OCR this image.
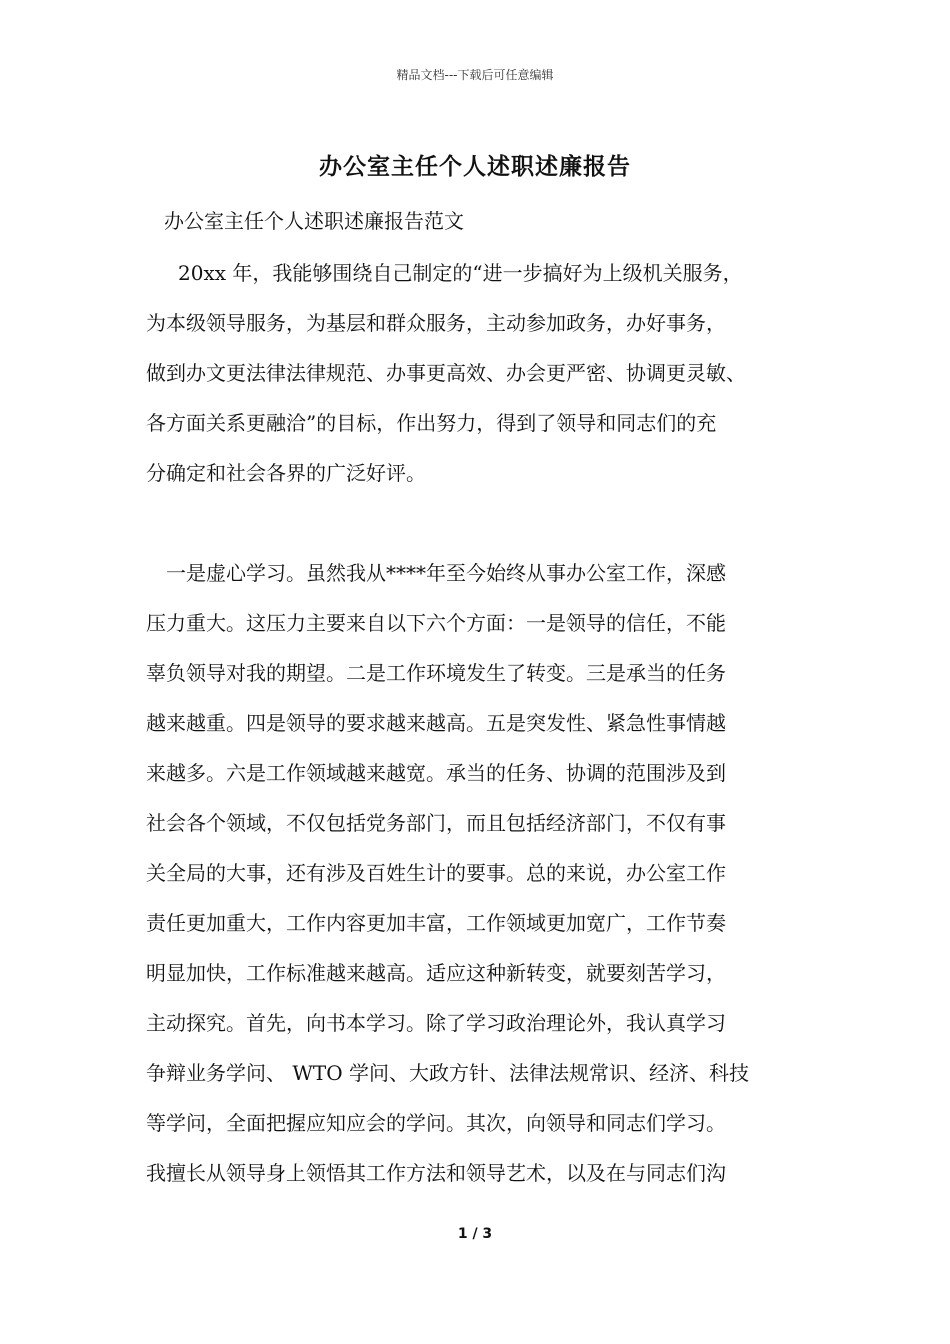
精品文档---下载后可任意编辑
办公室主任个人述职述廉报告
办公室主任个人述职述廉报告范文
20xx 年，我能够围绕自己制定的“进一步搞好为上级机关服务，
为本级领导服务，为基层和群众服务，主动参加政务，办好事务，
做到办文更法律法律规范、办事更高效、办会更严密、协调更灵敏、
各方面关系更融洽”的目标，作出努力，得到了领导和同志们的充
分确定和社会各界的广泛好评。
一是虚心学习。虽然我从****年至今始终从事办公室工作，深感
压力重大。这压力主要来自以下六个方面：一是领导的信任，不能
辜负领导对我的期望。二是工作环境发生了转变。三是承当的任务
越来越重。四是领导的要求越来越高。五是突发性、紧急性事情越
来越多。六是工作领域越来越宽。承当的任务、协调的范围涉及到
社会各个领域，不仅包括党务部门，而且包括经济部门，不仅有事
关全局的大事，还有涉及百姓生计的要事。总的来说，办公室工作
责任更加重大，工作内容更加丰富，工作领域更加宽广，工作节奏
明显加快，工作标准越来越高。适应这种新转变，就要刻苦学习，
主动探究。首先，向书本学习。除了学习政治理论外，我认真学习
争辩业务学问、 WTO 学问、大政方针、法律法规常识、经济、科技
等学问，全面把握应知应会的学问。其次，向领导和同志们学习。
我擅长从领导身上领悟其工作方法和领导艺术，以及在与同志们沟
1 / 3
